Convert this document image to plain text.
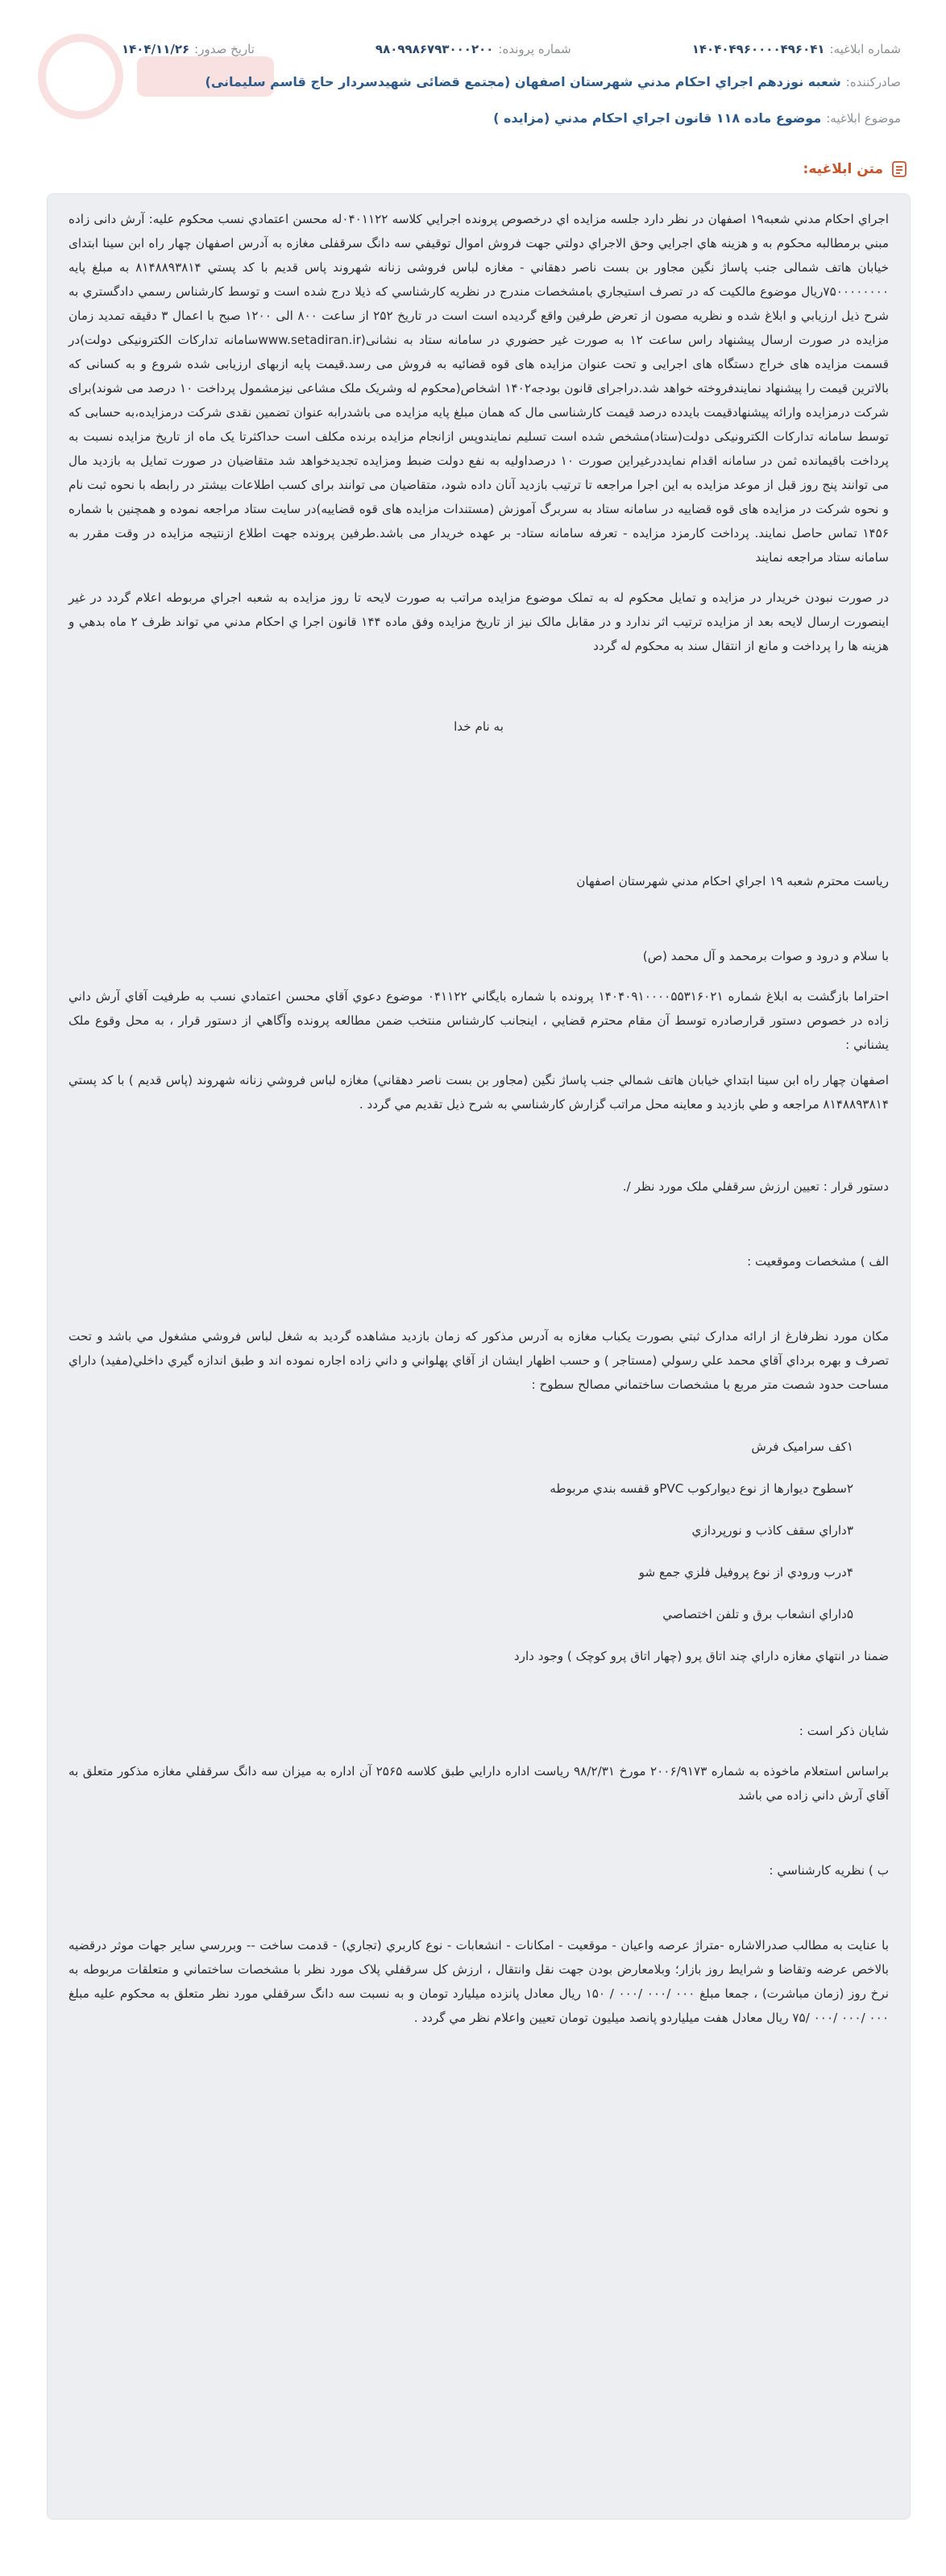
شماره ابلاغیه:
۱۴۰۴۰۴۹۶۰۰۰۰۴۹۶۰۴۱
شماره پرونده:
۹۸۰۹۹۸۶۷۹۳۰۰۰۲۰۰
تاریخ صدور:
۱۴۰۴/۱۱/۲۶
صادرکننده:
شعبه نوزدهم اجراي احکام مدني شهرستان اصفهان (مجتمع قضائی شهيدسردار حاج قاسم سلیمانی)
موضوع ابلاغیه:
موضوع ماده ۱۱۸ قانون اجراي احکام مدني (مزايده )
متن ابلاغیه:

اجراي احکام مدني شعبه۱۹ اصفهان در نظر دارد جلسه مزايده اي درخصوص پرونده اجرايي کلاسه ۰۴۰۱۱۲۲له محسن اعتمادي نسب محکوم عليه: آرش دانی زاده مبني برمطالبه محکوم به و هزينه هاي اجرايي وحق الاجراي دولتي جهت فروش اموال توقيفي سه دانگ سرقفلی مغازه به آدرس اصفهان چهار راه ابن سينا ابتدای خيابان هاتف شمالی جنب پاساژ نگين مجاور بن بست ناصر دهقاني - مغازه لباس فروشی زنانه شهروند پاس قديم با کد پستي ۸۱۴۸۸۹۳۸۱۴ به مبلغ پايه ۷۵۰۰۰۰۰۰۰۰ريال موضوع مالکيت که در تصرف استيجاري بامشخصات مندرج در نظريه کارشناسي که ذيلا درج شده است و توسط کارشناس رسمي دادگستري به شرح ذيل ارزيابي و ابلاغ شده و نظريه مصون از تعرض طرفين واقع گرديده است است در تاريخ ۲۵۲ از ساعت ۸۰۰ الی ۱۲۰۰ صبح با اعمال ۳ دقيقه تمديد زمان مزايده در صورت ارسال پيشنهاد راس ساعت ۱۲ به صورت غير حضوري در سامانه ستاد به نشانی(www.setadiran.irسامانه تدارکات الکترونيکی دولت)در قسمت مزايده های خراج دستگاه های اجرايی و تحت عنوان مزايده های قوه قضائيه به فروش می رسد.قيمت پايه ازبهای ارزيابی شده شروع و به کسانی که بالاترين قيمت را پيشنهاد نمايندفروخته خواهد شد.دراجرای قانون بودجه۱۴۰۲ اشخاص(محکوم له وشريک ملک مشاعی نيزمشمول پرداخت ۱۰ درصد می شوند)برای شرکت درمزايده وارائه پيشنهادقيمت بايدده درصد قيمت کارشناسی مال که همان مبلغ پايه مزايده می باشدرابه عنوان تضمين نقدی شرکت درمزايده،به حسابی که توسط سامانه تدارکات الکترونيکی دولت(ستاد)مشخص شده است تسليم نمايندوپس ازانجام مزايده برنده مکلف است حداکثرتا يک ماه از تاريخ مزايده نسبت به پرداخت باقيمانده ثمن در سامانه اقدام نمايددرغيراين صورت ۱۰ درصداوليه به نفع دولت ضبط ومزايده تجديدخواهد شد متقاضيان در صورت تمايل به بازديد مال می توانند پنج روز قبل از موعد مزايده به اين اجرا مراجعه تا ترتيب بازديد آنان داده شود، متقاضيان می توانند برای کسب اطلاعات بيشتر در رابطه با نحوه ثبت نام و نحوه شرکت در مزايده های قوه قضاييه در سامانه ستاد به سربرگ آموزش (مستندات مزايده های قوه قضاييه)در سايت ستاد مراجعه نموده و همچنين با شماره ۱۴۵۶ تماس حاصل نمايند. پرداخت کارمزد مزايده - تعرفه سامانه ستاد- بر عهده خريدار می باشد.طرفين پرونده جهت اطلاع ازنتيجه مزايده در وقت مقرر به سامانه ستاد مراجعه نمايند

در صورت نبودن خريدار در مزايده و تمايل محکوم له به تملک موضوع مزايده مراتب به صورت لايحه تا روز مزايده به شعبه اجراي مربوطه اعلام گردد در غير اينصورت ارسال لايحه بعد از مزايده ترتيب اثر ندارد و در مقابل مالک نيز از تاريخ مزايده وفق ماده ۱۴۴ قانون اجرا ي احکام مدني مي تواند ظرف ۲ ماه بدهي و هزينه ها را پرداخت و مانع از انتقال سند به محکوم له گردد

به نام خدا

رياست محترم شعبه ۱۹ اجراي احکام مدني شهرستان اصفهان

با سلام و درود و صوات برمحمد و آل محمد (ص)

احتراما بازگشت به ابلاغ شماره ۱۴۰۴۰۹۱۰۰۰۰۵۵۳۱۶۰۲۱ پرونده با شماره بايگاني ۰۴۱۱۲۲ موضوع دعوي آقاي محسن اعتمادي نسب به طرفيت آقاي آرش داني زاده در خصوص دستور قرارصادره توسط آن مقام محترم قضايي ، اينجانب کارشناس منتخب ضمن مطالعه پرونده وآگاهي از دستور قرار ، به محل وقوع ملک يشناني :

اصفهان چهار راه ابن سينا ابتداي خيابان هاتف شمالي جنب پاساژ نگين (مجاور بن بست ناصر دهقاني) مغازه لباس فروشي زنانه شهروند (پاس قديم ) با کد پستي ۸۱۴۸۸۹۳۸۱۴ مراجعه و طي بازديد و معاينه محل مراتب گزارش کارشناسي به شرح ذيل تقديم مي گردد .

دستور قرار : تعيين ارزش سرقفلي ملک مورد نظر /.

الف ) مشخصات وموقعيت :

مکان مورد نظرفارغ از ارائه مدارک ثبتي بصورت يکباب مغازه به آدرس مذکور که زمان بازديد مشاهده گرديد به شغل لباس فروشي مشغول مي باشد و تحت تصرف و بهره برداي آقاي محمد علي رسولي (مستاجر ) و حسب اظهار ايشان از آقاي پهلواني و داني زاده اجاره نموده اند و طبق اندازه گيري داخلي(مفيد) داراي مساحت حدود شصت متر مربع با مشخصات ساختماني مصالح سطوح :

۱کف سراميک فرش

۲سطوح ديوارها از نوع ديوارکوب PVCو قفسه بندي مربوطه

۳داراي سقف کاذب و نورپردازي

۴درب ورودي از نوع پروفيل فلزي جمع شو

۵داراي انشعاب برق و تلفن اختصاصي

ضمنا در انتهاي مغازه داراي چند اتاق پرو (چهار اتاق پرو کوچک ) وجود دارد

شايان ذکر است :

براساس استعلام ماخوذه به شماره ۲۰۰۶/۹۱۷۳ مورخ ۹۸/۲/۳۱ رياست اداره دارايي طبق کلاسه ۲۵۶۵ آن اداره به ميزان سه دانگ سرقفلي مغازه مذکور متعلق به آقاي آرش داني زاده مي باشد

ب ) نظريه کارشناسي :

با عنايت به مطالب صدرالاشاره -متراژ عرصه واعيان - موقعيت - امکانات - انشعابات - نوع کاربري (تجاري) - قدمت ساخت -- وبررسي ساير جهات موثر درقضيه بالاخص عرضه وتقاضا و شرايط روز بازار؛ وبلامعارض بودن جهت نقل وانتقال ، ارزش کل سرقفلي پلاک مورد نظر با مشخصات ساختماني و متعلقات مربوطه به نرخ روز (زمان مباشرت) ، جمعا مبلغ ۰۰۰ /۰۰۰ /۰۰۰ / ۱۵۰ ريال معادل پانزده ميليارد تومان و به نسبت سه دانگ سرقفلي مورد نظر متعلق به محکوم عليه مبلغ ۰۰۰ /۰۰۰ /۰۰۰ /۷۵ ريال معادل هفت ميلياردو پانصد ميليون تومان تعيين واعلام نظر مي گردد .
